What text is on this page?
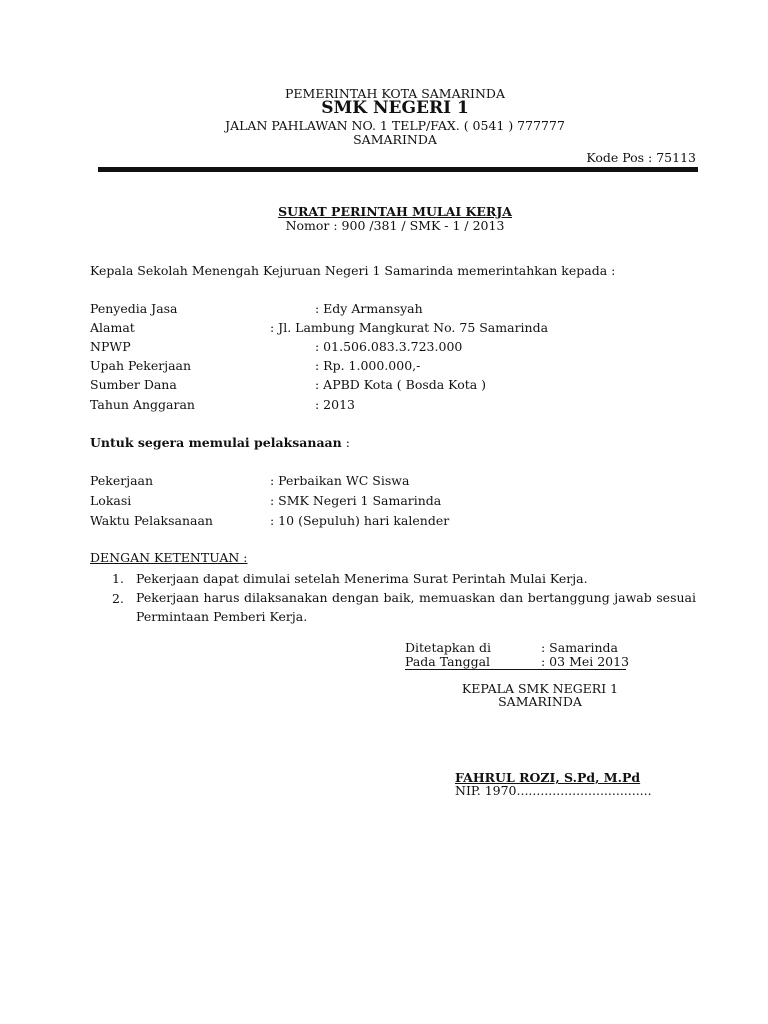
PEMERINTAH KOTA SAMARINDA
SMK NEGERI 1
JALAN PAHLAWAN NO. 1 TELP/FAX. ( 0541 ) 777777
SAMARINDA
Kode Pos : 75113
SURAT PERINTAH MULAI KERJA
Nomor : 900 /381 / SMK - 1 / 2013
Kepala Sekolah Menengah Kejuruan Negeri 1 Samarinda memerintahkan kepada :
Penyedia Jasa	: Edy Armansyah
Alamat	: Jl. Lambung Mangkurat No. 75 Samarinda
NPWP	: 01.506.083.3.723.000
Upah Pekerjaan	: Rp. 1.000.000,-
Sumber Dana	: APBD Kota ( Bosda Kota )
Tahun Anggaran	: 2013
Untuk segera memulai pelaksanaan :
Pekerjaan	: Perbaikan WC Siswa
Lokasi	: SMK Negeri 1 Samarinda
Waktu Pelaksanaan	: 10 (Sepuluh) hari kalender
DENGAN KETENTUAN :
1. Pekerjaan dapat dimulai setelah Menerima Surat Perintah Mulai Kerja.
2. Pekerjaan harus dilaksanakan dengan baik, memuaskan dan bertanggung jawab sesuai
Permintaan Pemberi Kerja.
Ditetapkan di	: Samarinda
Pada Tanggal	: 03 Mei 2013
KEPALA SMK NEGERI 1
SAMARINDA
FAHRUL ROZI, S.Pd, M.Pd
NIP. 1970..................................
